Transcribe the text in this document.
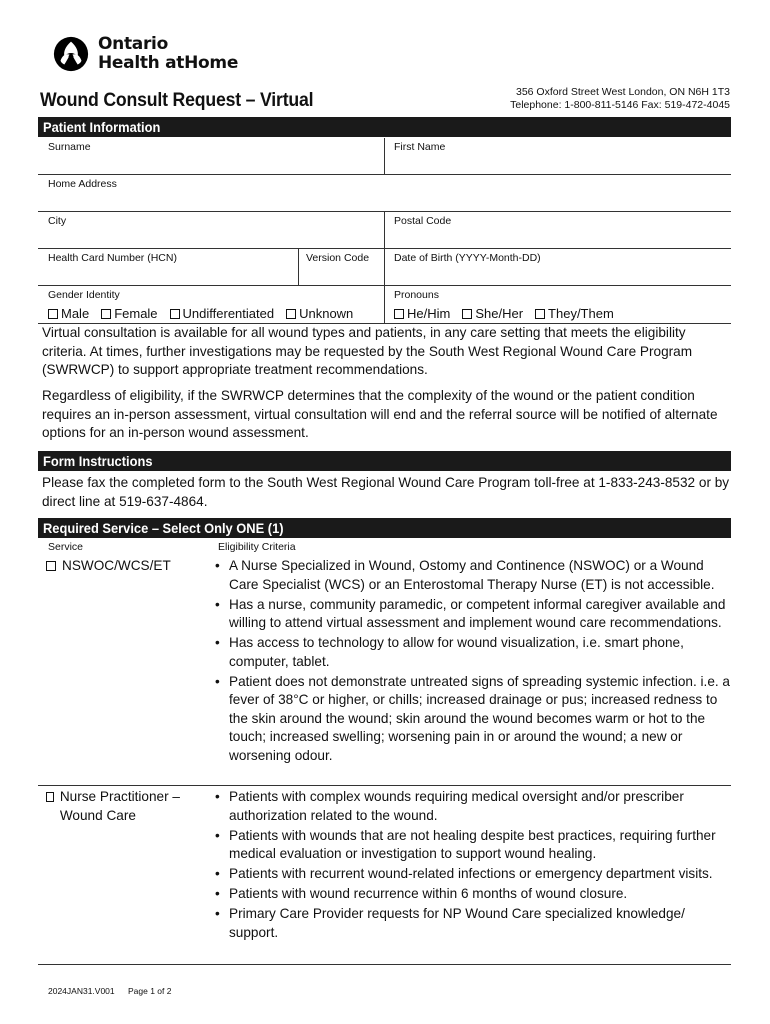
Ontario
Health atHome
Wound Consult Request – Virtual	356 Oxford Street West London, ON N6H 1T3
Telephone: 1-800-811-5146 Fax: 519-472-4045
Patient Information
Surname	First Name
Home Address
City	Postal Code
Health Card Number (HCN)	Version Code Date of Birth (YYYY-Month-DD)
Gender Identity
Male Female Undifferentiated Unknown
Pronouns
He/Him She/Her They/Them

Virtual consultation is available for all wound types and patients, in any care setting that meets the eligibility criteria. At times, further investigations may be requested by the South West Regional Wound Care Program (SWRWCP) to support appropriate treatment recommendations.

Regardless of eligibility, if the SWRWCP determines that the complexity of the wound or the patient condition requires an in-person assessment, virtual consultation will end and the referral source will be notified of alternate options for an in-person wound assessment.

Form Instructions

Please fax the completed form to the South West Regional Wound Care Program toll-free at 1-833-243-8532 or by direct line at 519-637-4864.

Required Service – Select Only ONE (1)
Service	Eligibility Criteria
NSWOC/WCS/ET
•	A Nurse Specialized in Wound, Ostomy and Continence (NSWOC) or a Wound Care Specialist (WCS) or an Enterostomal Therapy Nurse (ET) is not accessible.
• Has a nurse, community paramedic, or competent informal caregiver available and willing to attend virtual assessment and implement wound care recommendations.
• Has access to technology to allow for wound visualization, i.e. smart phone, computer, tablet.
• Patient does not demonstrate untreated signs of spreading systemic infection. i.e. a fever of 38°C or higher, or chills; increased drainage or pus; increased redness to the skin around the wound; skin around the wound becomes warm or hot to the touch; increased swelling; worsening pain in or around the wound; a new or worsening odour.
Nurse Practitioner – Wound Care
• Patients with complex wounds requiring medical oversight and/or prescriber authorization related to the wound.
• Patients with wounds that are not healing despite best practices, requiring further medical evaluation or investigation to support wound healing.
• Patients with recurrent wound-related infections or emergency department visits.
• Patients with wound recurrence within 6 months of wound closure.
• Primary Care Provider requests for NP Wound Care specialized knowledge/ support.
2024JAN31.V001 Page 1 of 2
